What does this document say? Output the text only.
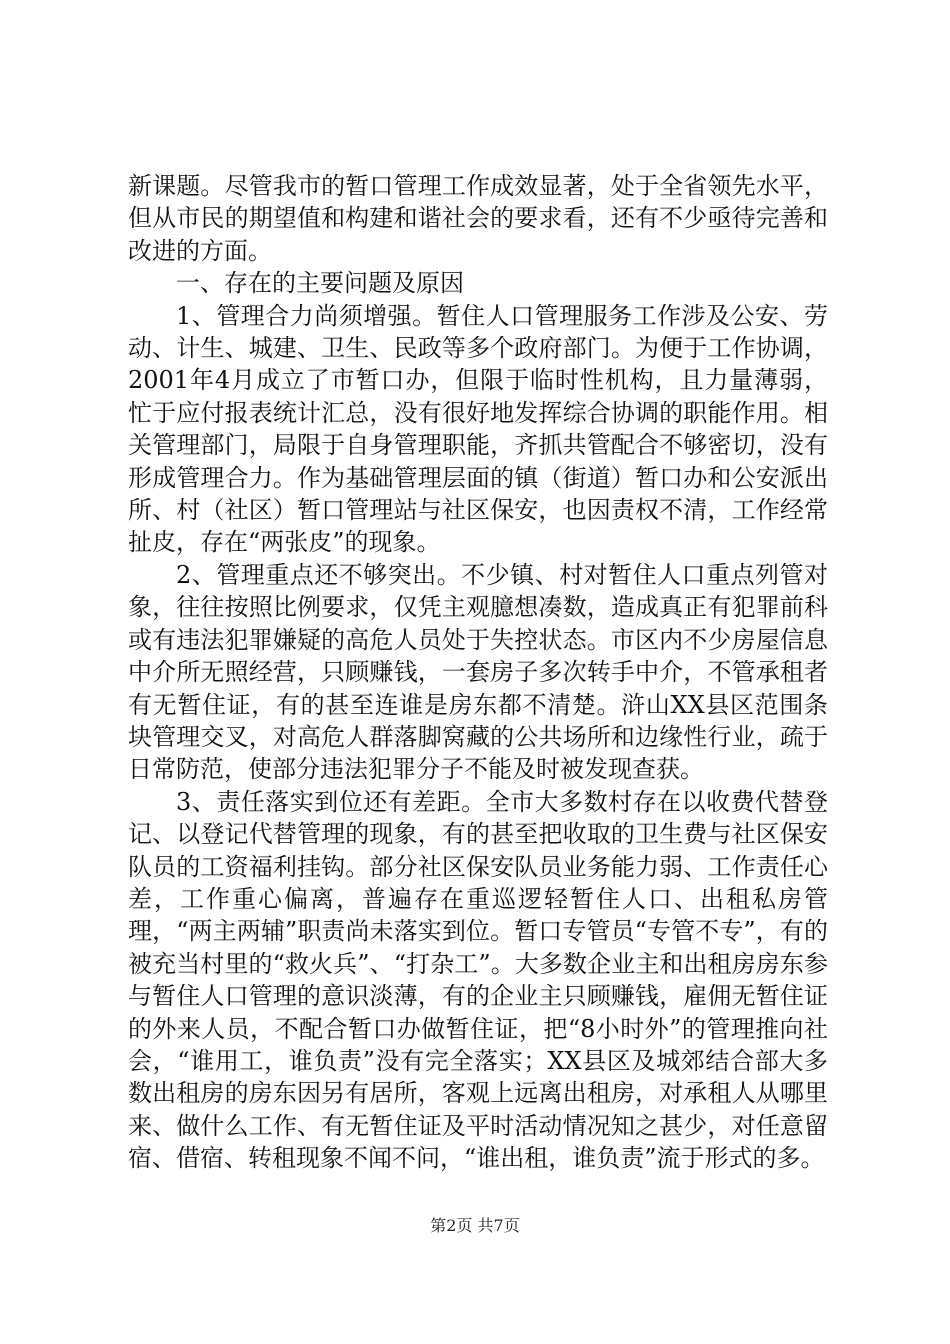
新课题。尽管我市的暂口管理工作成效显著，处于全省领先水平，但从市民的期望值和构建和谐社会的要求看，还有不少亟待完善和改进的方面。

一、存在的主要问题及原因

1、管理合力尚须增强。暂住人口管理服务工作涉及公安、劳动、计生、城建、卫生、民政等多个政府部门。为便于工作协调，2001年4月成立了市暂口办，但限于临时性机构，且力量薄弱，忙于应付报表统计汇总，没有很好地发挥综合协调的职能作用。相关管理部门，局限于自身管理职能，齐抓共管配合不够密切，没有形成管理合力。作为基础管理层面的镇（街道）暂口办和公安派出所、村（社区）暂口管理站与社区保安，也因责权不清，工作经常扯皮，存在“两张皮”的现象。

2、管理重点还不够突出。不少镇、村对暂住人口重点列管对象，往往按照比例要求，仅凭主观臆想凑数，造成真正有犯罪前科或有违法犯罪嫌疑的高危人员处于失控状态。市区内不少房屋信息中介所无照经营，只顾赚钱，一套房子多次转手中介，不管承租者有无暂住证，有的甚至连谁是房东都不清楚。浒山XX县区范围条块管理交叉，对高危人群落脚窝藏的公共场所和边缘性行业，疏于日常防范，使部分违法犯罪分子不能及时被发现查获。

3、责任落实到位还有差距。全市大多数村存在以收费代替登记、以登记代替管理的现象，有的甚至把收取的卫生费与社区保安队员的工资福利挂钩。部分社区保安队员业务能力弱、工作责任心差，工作重心偏离，普遍存在重巡逻轻暂住人口、出租私房管理，“两主两辅”职责尚未落实到位。暂口专管员“专管不专”，有的被充当村里的“救火兵”、“打杂工”。大多数企业主和出租房房东参与暂住人口管理的意识淡薄，有的企业主只顾赚钱，雇佣无暂住证的外来人员，不配合暂口办做暂住证，把“8小时外”的管理推向社会，“谁用工，谁负责”没有完全落实；XX县区及城郊结合部大多数出租房的房东因另有居所，客观上远离出租房，对承租人从哪里来、做什么工作、有无暂住证及平时活动情况知之甚少，对任意留宿、借宿、转租现象不闻不问，“谁出租，谁负责”流于形式的多。

第2页 共7页
